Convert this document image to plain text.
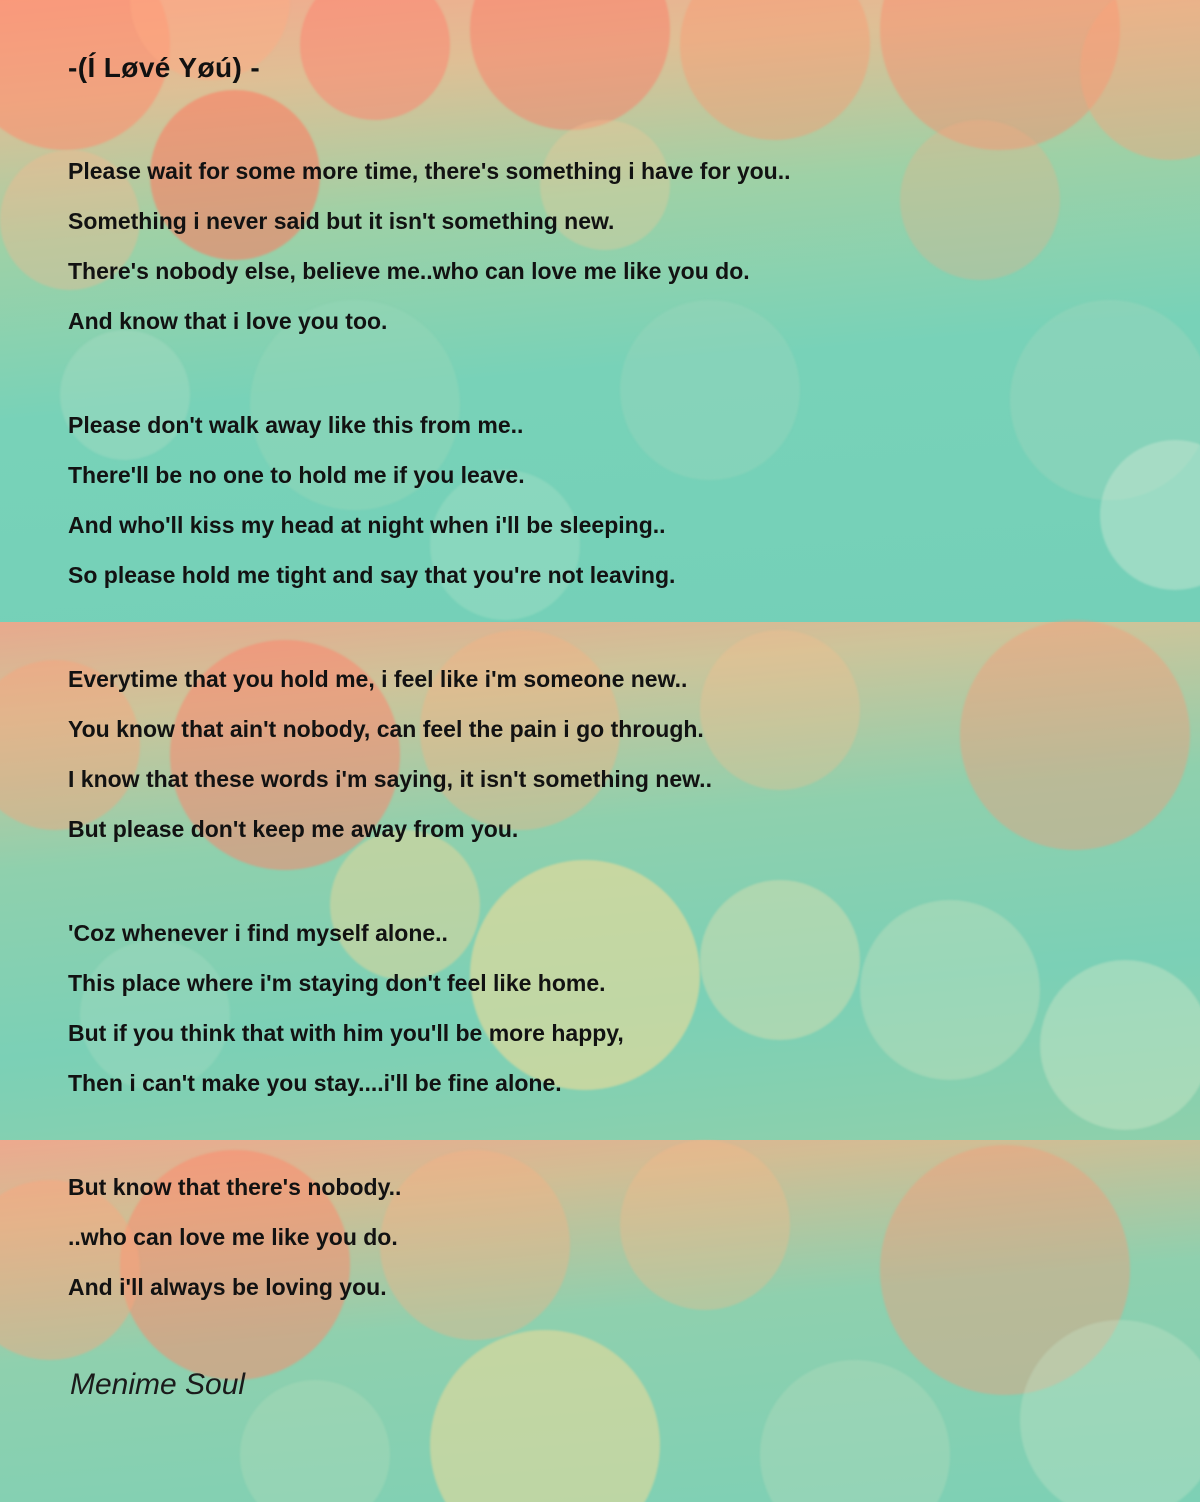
-(Í Løvé Yøú) -
Please wait for some more time, there's something i have for you..
Something i never said but it isn't something new.
There's nobody else, believe me..who can love me like you do.
And know that i love you too.
Please don't walk away like this from me..
There'll be no one to hold me if you leave.
And who'll kiss my head at night when i'll be sleeping..
So please hold me tight and say that you're not leaving.
Everytime that you hold me, i feel like i'm someone new..
You know that ain't nobody, can feel the pain i go through.
I know that these words i'm saying, it isn't something new..
But please don't keep me away from you.
'Coz whenever i find myself alone..
This place where i'm staying don't feel like home.
But if you think that with him you'll be more happy,
Then i can't make you stay....i'll be fine alone.
But know that there's nobody..
..who can love me like you do.
And i'll always be loving you.
Menime Soul
